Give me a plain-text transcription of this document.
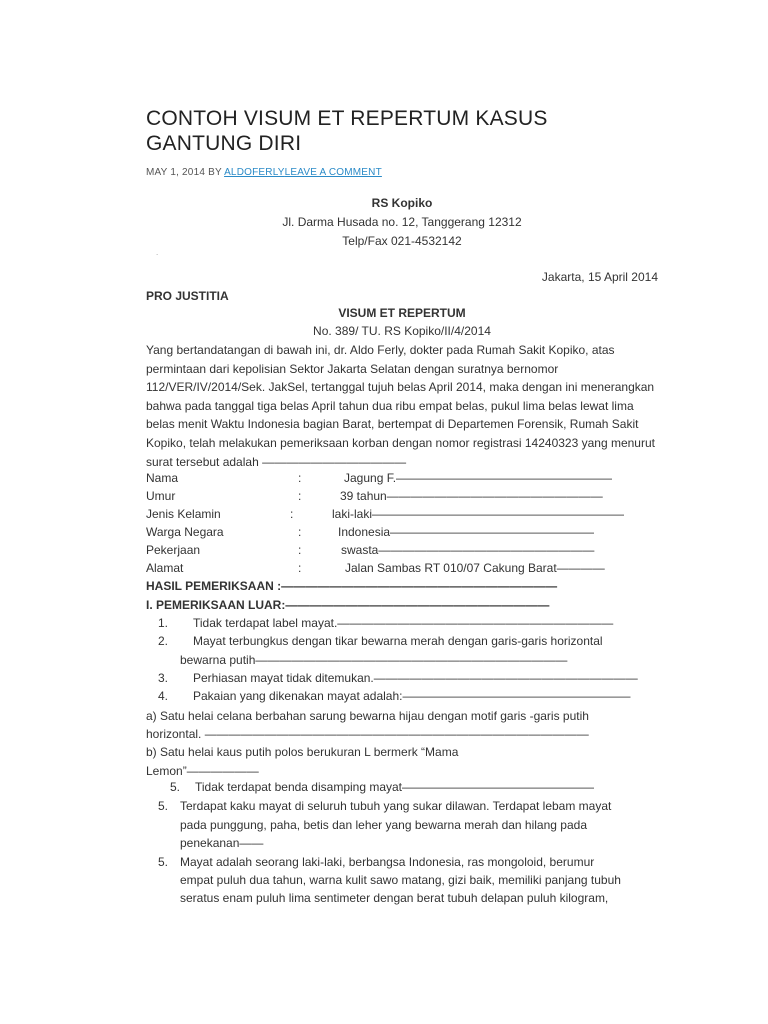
CONTOH VISUM ET REPERTUM KASUS GANTUNG DIRI
MAY 1, 2014 BY ALDOFERLYLEAVE A COMMENT
RS Kopiko
Jl. Darma Husada no. 12, Tanggerang 12312
Telp/Fax 021-4532142
.
Jakarta, 15 April 2014
PRO JUSTITIA
VISUM ET REPERTUM
No. 389/ TU. RS Kopiko/II/4/2014

Yang bertandatangan di bawah ini, dr. Aldo Ferly, dokter pada Rumah Sakit Kopiko, atas permintaan dari kepolisian Sektor Jakarta Selatan dengan suratnya bernomor 112/VER/IV/2014/Sek. JakSel, tertanggal tujuh belas April 2014, maka dengan ini menerangkan bahwa pada tanggal tiga belas April tahun dua ribu empat belas, pukul lima belas lewat lima belas menit Waktu Indonesia bagian Barat, bertempat di Departemen Forensik, Rumah Sakit Kopiko, telah melakukan pemeriksaan korban dengan nomor registrasi 14240323 yang menurut surat tersebut adalah ————————————

Nama	:	Jagung F.——————————————————
Umur	:	39 tahun——————————————————
Jenis Kelamin	:	laki-laki—————————————————————
Warga Negara	:	Indonesia—————————————————
Pekerjaan	:	swasta——————————————————
Alamat	:	Jalan Sambas RT 010/07 Cakung Barat————
HASIL PEMERIKSAAN :———————————————————————
I. PEMERIKSAAN LUAR:——————————————————————
1. Tidak terdapat label mayat.———————————————————————
2. Mayat terbungkus dengan tikar bewarna merah dengan garis-garis horizontal
bewarna putih——————————————————————————
3. Perhiasan mayat tidak ditemukan.——————————————————————
4. Pakaian yang dikenakan mayat adalah:———————————————————
a) Satu helai celana berbahan sarung bewarna hijau dengan motif garis -garis putih
horizontal. ————————————————————————————————
b) Satu helai kaus putih polos berukuran L bermerk “Mama
Lemon”——————
5. Tidak terdapat benda disamping mayat————————————————
5. Terdapat kaku mayat di seluruh tubuh yang sukar dilawan. Terdapat lebam mayat
pada punggung, paha, betis dan leher yang bewarna merah dan hilang pada
penekanan——
5. Mayat adalah seorang laki-laki, berbangsa Indonesia, ras mongoloid, berumur
empat puluh dua tahun, warna kulit sawo matang, gizi baik, memiliki panjang tubuh
seratus enam puluh lima sentimeter dengan berat tubuh delapan puluh kilogram,
